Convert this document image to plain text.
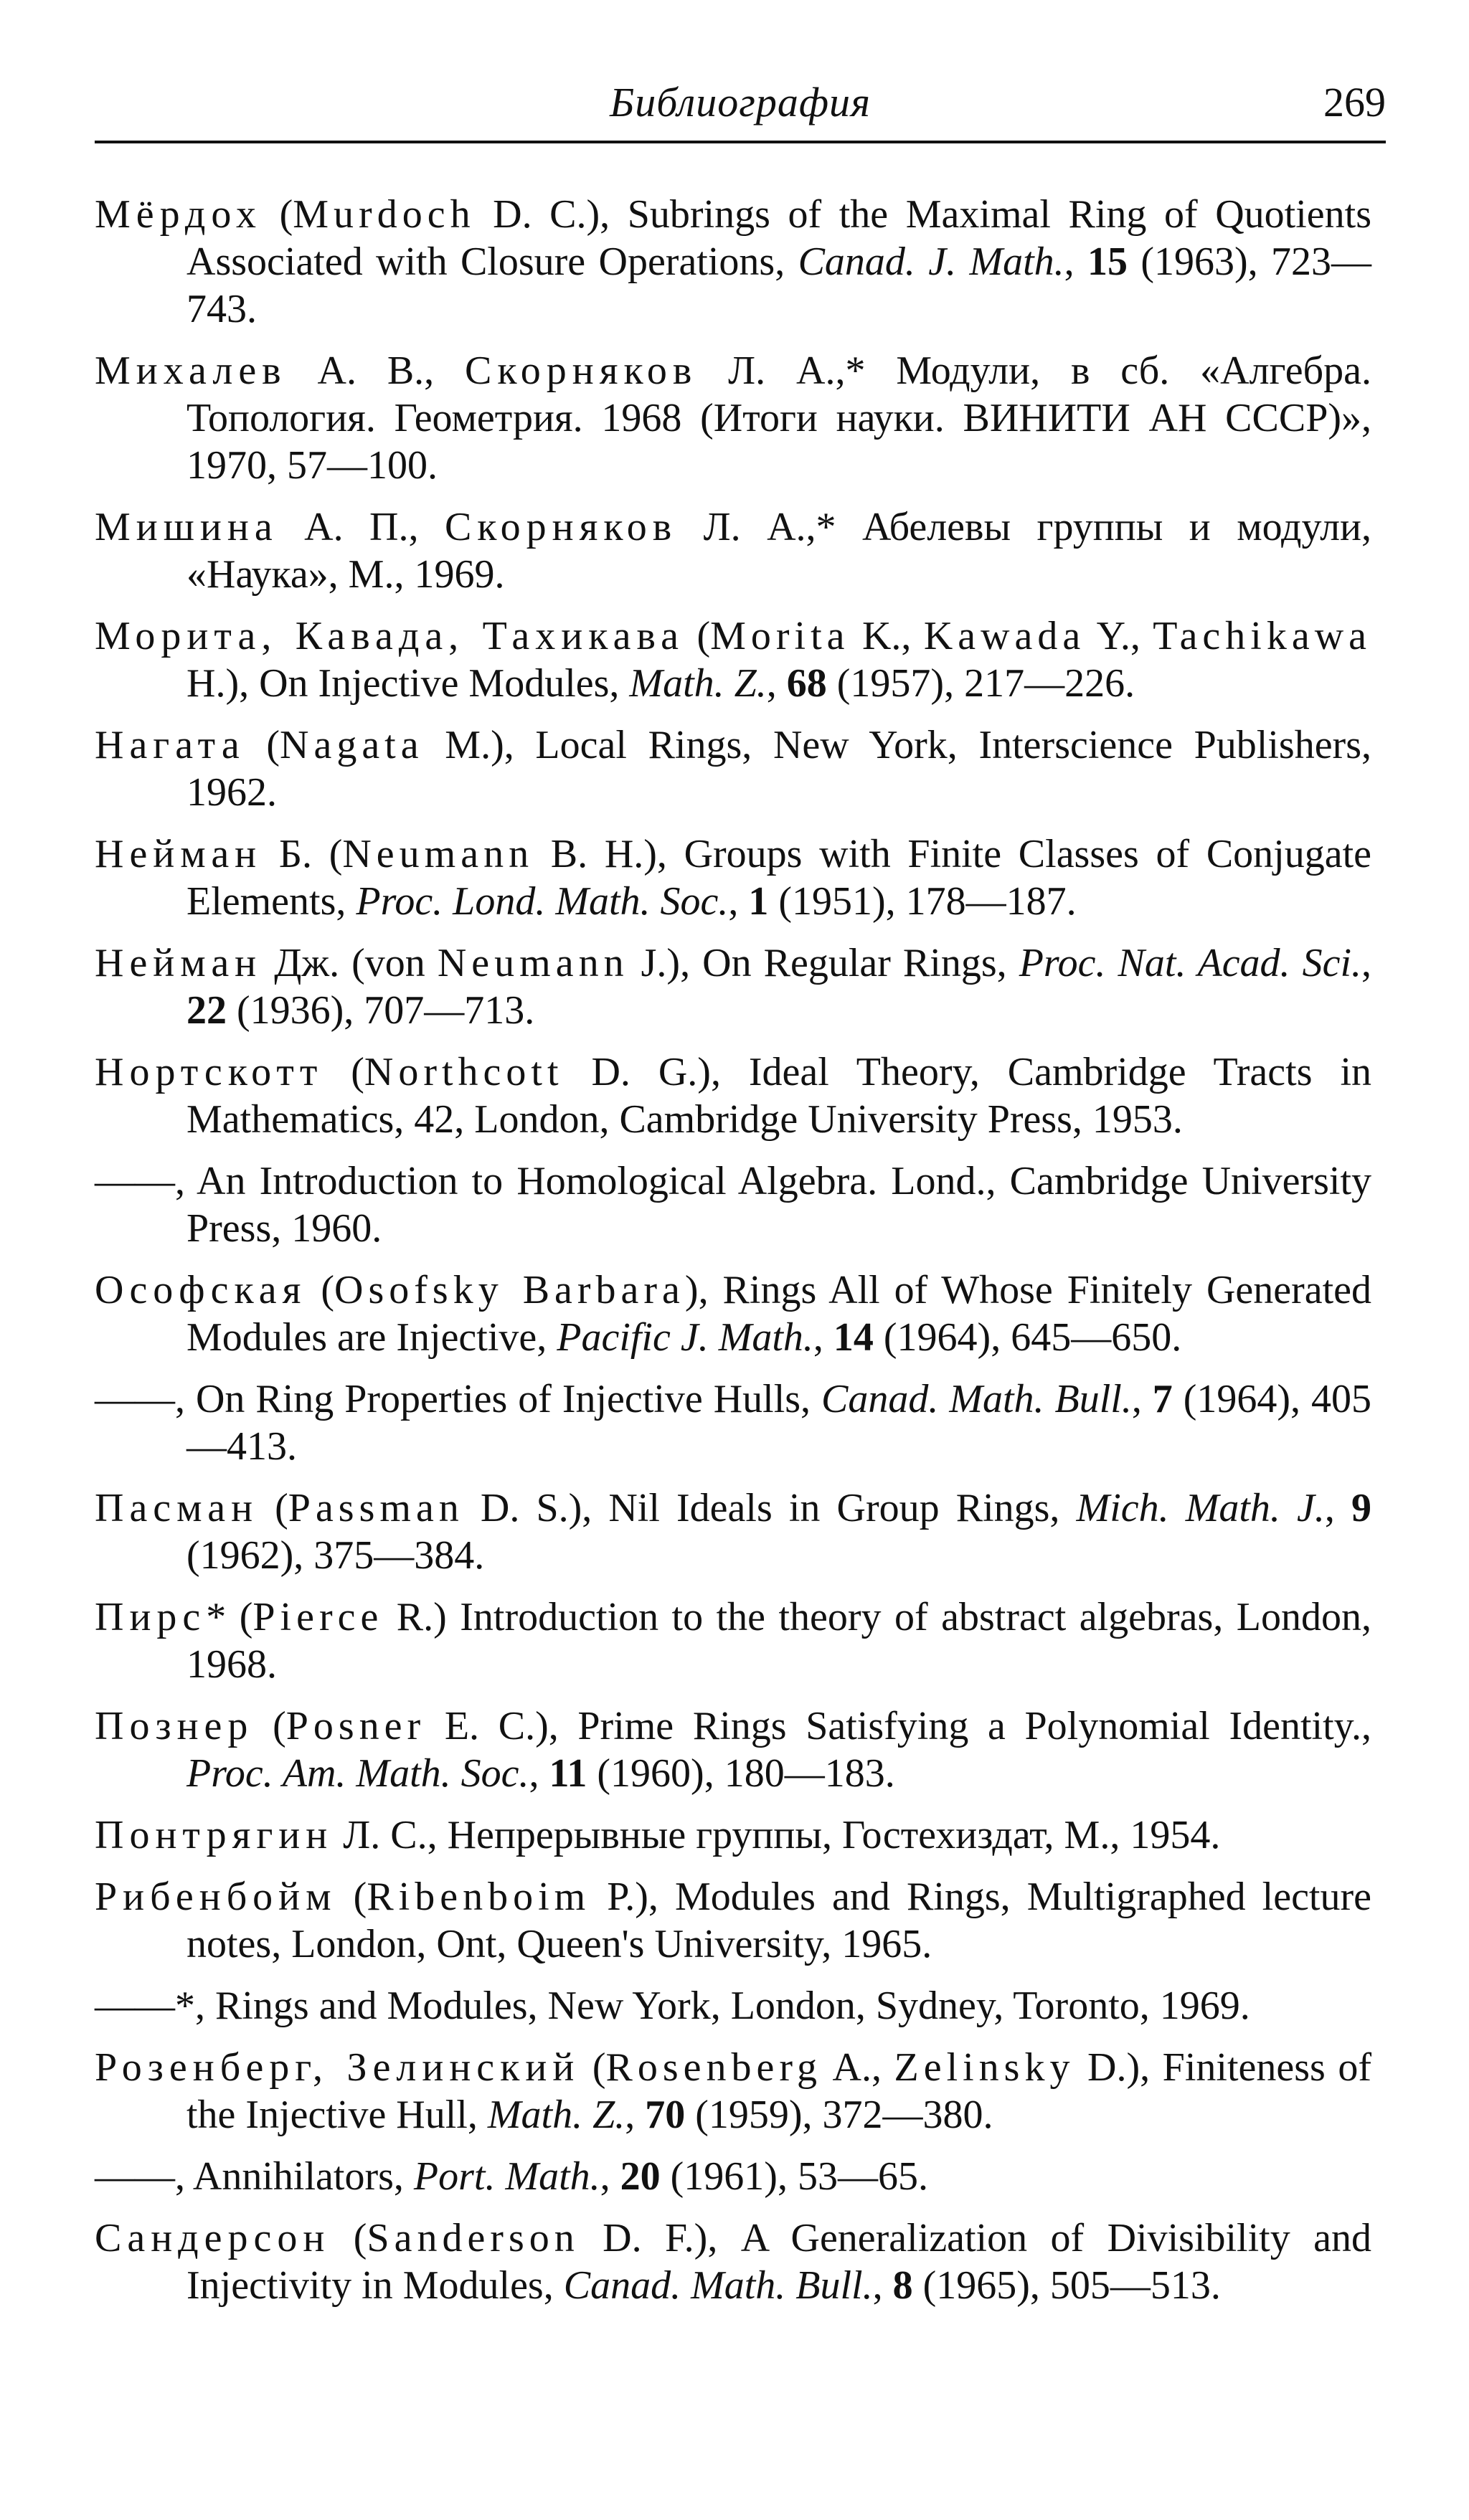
Библиография	269
Мёрдох (Murdoch D. C.), Subrings of the Maximal Ring of Quotients Associated with Closure Operations, Canad. J. Math., 15 (1963), 723—743.
Михалев А. В., Скорняков Л. А.,* Модули, в сб. «Алгебра. Топология. Геометрия. 1968 (Итоги науки. ВИНИТИ АН СССР)», 1970, 57—100.
Мишина А. П., Скорняков Л. А.,* Абелевы группы и модули, «Наука», М., 1969.
Морита, Кавада, Тахикава (Morita K., Kawada Y., Tachikawa H.), On Injective Modules, Math. Z., 68 (1957), 217—226.
Нагата (Nagata M.), Local Rings, New York, Interscience Publishers, 1962.
Нейман Б. (Neumann B. H.), Groups with Finite Classes of Conjugate Elements, Proc. Lond. Math. Soc., 1 (1951), 178—187.
Нейман Дж. (von Neumann J.), On Regular Rings, Proc. Nat. Acad. Sci., 22 (1936), 707—713.
Нортскотт (Northcott D. G.), Ideal Theory, Cambridge Tracts in Mathematics, 42, London, Cambridge University Press, 1953.
——, An Introduction to Homological Algebra. Lond., Cambridge University Press, 1960.
Ософская (Osofsky Barbara), Rings All of Whose Finitely Generated Modules are Injective, Pacific J. Math., 14 (1964), 645—650.
——, On Ring Properties of Injective Hulls, Canad. Math. Bull., 7 (1964), 405—413.
Пасман (Passman D. S.), Nil Ideals in Group Rings, Mich. Math. J., 9 (1962), 375—384.
Пирс* (Pierce R.) Introduction to the theory of abstract algebras, London, 1968.
Познер (Posner E. C.), Prime Rings Satisfying a Polynomial Identity., Proc. Am. Math. Soc., 11 (1960), 180—183.
Понтрягин Л. С., Непрерывные группы, Гостехиздат, М., 1954.
Рибенбойм (Ribenboim P.), Modules and Rings, Multigraphed lecture notes, London, Ont, Queen's University, 1965.
——*, Rings and Modules, New York, London, Sydney, Toronto, 1969.
Розенберг, Зелинский (Rosenberg A., Zelinsky D.), Finiteness of the Injective Hull, Math. Z., 70 (1959), 372—380.
——, Annihilators, Port. Math., 20 (1961), 53—65.
Сандерсон (Sanderson D. F.), A Generalization of Divisibility and Injectivity in Modules, Canad. Math. Bull., 8 (1965), 505—513.
